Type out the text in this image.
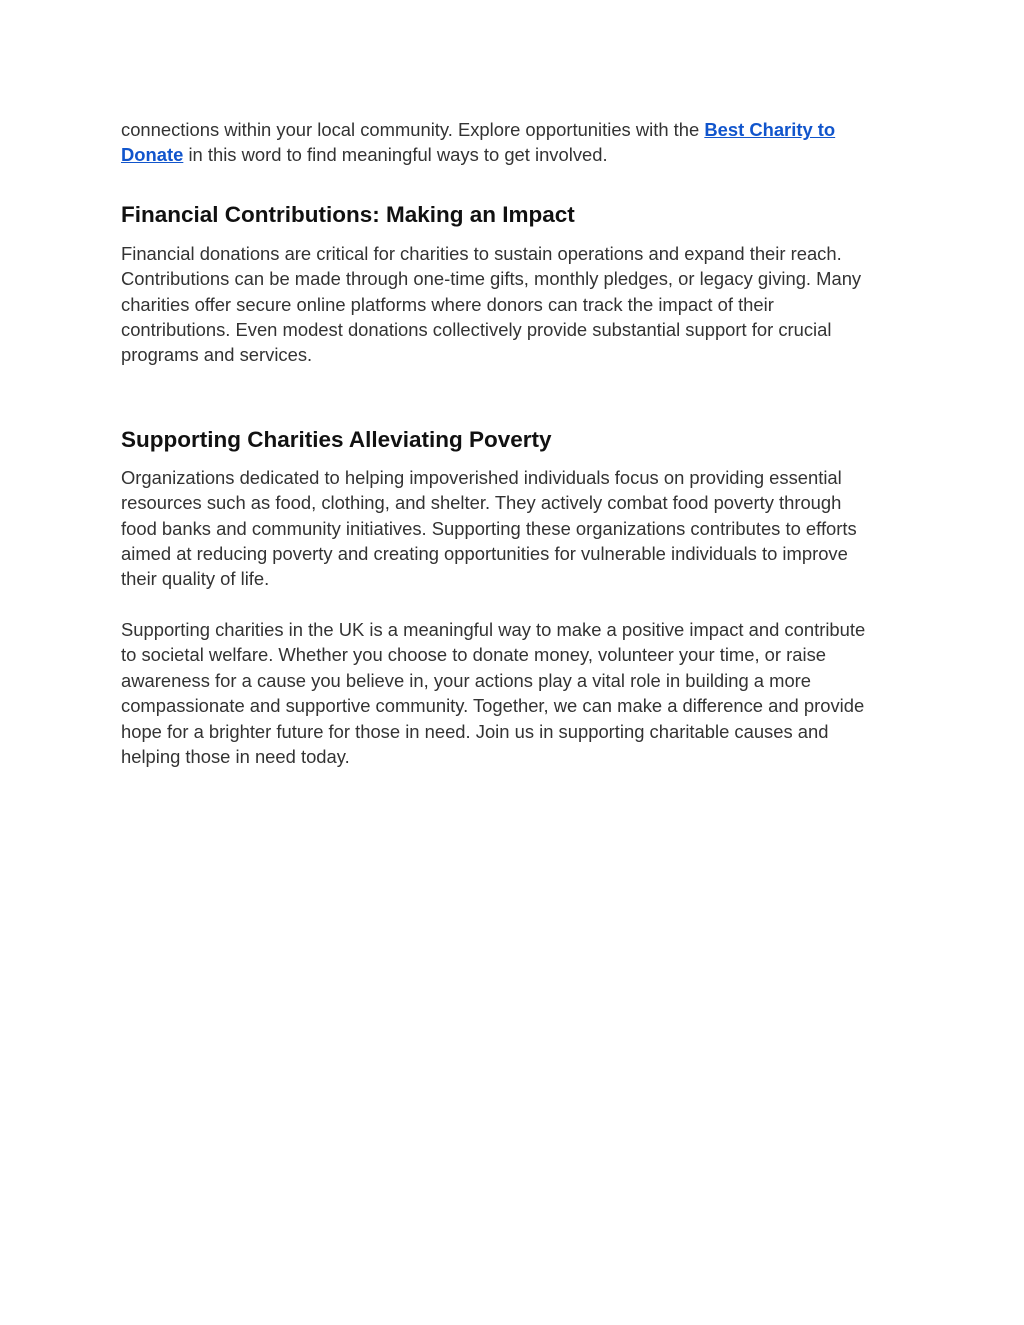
connections within your local community. Explore opportunities with the Best Charity to
Donate in this word to find meaningful ways to get involved.

Financial Contributions: Making an Impact

Financial donations are critical for charities to sustain operations and expand their reach.
Contributions can be made through one-time gifts, monthly pledges, or legacy giving. Many
charities offer secure online platforms where donors can track the impact of their
contributions. Even modest donations collectively provide substantial support for crucial
programs and services.

Supporting Charities Alleviating Poverty

Organizations dedicated to helping impoverished individuals focus on providing essential
resources such as food, clothing, and shelter. They actively combat food poverty through
food banks and community initiatives. Supporting these organizations contributes to efforts
aimed at reducing poverty and creating opportunities for vulnerable individuals to improve
their quality of life.

Supporting charities in the UK is a meaningful way to make a positive impact and contribute
to societal welfare. Whether you choose to donate money, volunteer your time, or raise
awareness for a cause you believe in, your actions play a vital role in building a more
compassionate and supportive community. Together, we can make a difference and provide
hope for a brighter future for those in need. Join us in supporting charitable causes and
helping those in need today.
